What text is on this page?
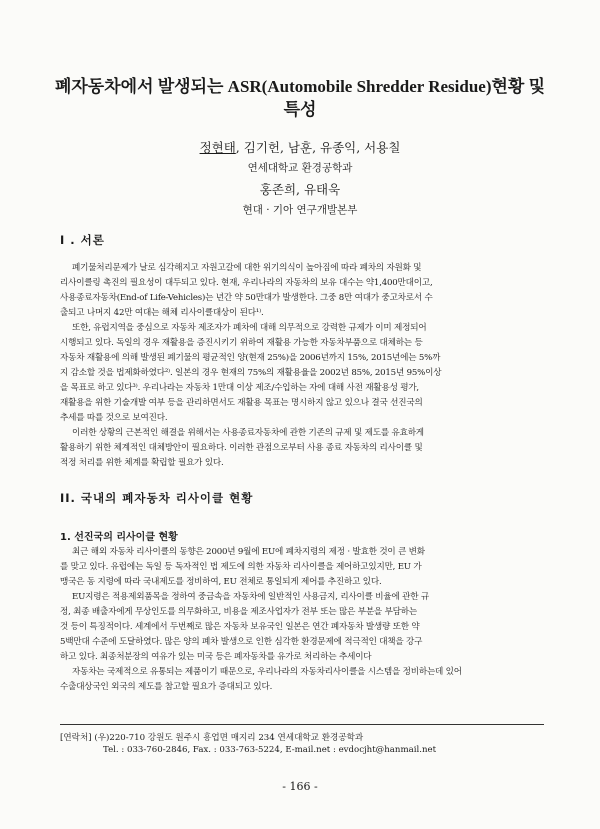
폐자동차에서 발생되는 ASR(Automobile Shredder Residue)현황 및
특성
정현태, 김기헌, 남훈, 유종익, 서용칠
연세대학교 환경공학과
홍존희, 유태욱
현대 · 기아 연구개발본부
I . 서론
폐기물처리문제가 날로 심각해지고 자원고갈에 대한 위기의식이 높아짐에 따라 폐차의 자원화 및
리사이클링 촉진의 필요성이 대두되고 있다. 현재, 우리나라의 자동차의 보유 대수는 약1,400만대이고,
사용종료자동차(End-of Life-Vehicles)는 년간 약 50만대가 발생한다. 그중 8만 여대가 중고차로서 수
출되고 나머지 42만 여대는 해체 리사이클대상이 된다¹⁾.
또한, 유럽지역을 중심으로 자동차 제조자가 폐차에 대해 의무적으로 강력한 규제가 이미 제정되어
시행되고 있다. 독일의 경우 재활용을 증진시키기 위하여 재활용 가능한 자동차부품으로 대체하는 등
자동차 재활용에 의해 발생된 폐기물의 평균적인 양(현재 25%)을 2006년까지 15%, 2015년에는 5%까
지 감소할 것을 법제화하였다²⁾. 일본의 경우 현재의 75%의 재활용율을 2002년 85%, 2015년 95%이상
을 목표로 하고 있다³⁾. 우리나라는 자동차 1만대 이상 제조/수입하는 자에 대해 사전 재활용성 평가,
재활용을 위한 기술개발 여부 등을 관리하면서도 재활용 목표는 명시하지 않고 있으나 결국 선진국의
추세를 따를 것으로 보여진다.
이러한 상황의 근본적인 해결을 위해서는 사용종료자동차에 관한 기존의 규제 및 제도를 유효하게
활용하기 위한 체계적인 대체방안이 필요하다. 이러한 관점으로부터 사용 종료 자동차의 리사이클 및
적정 처리를 위한 체계를 확립할 필요가 있다.
II. 국내의 폐자동차 리사이클 현황
1. 선진국의 리사이클 현황
최근 해외 자동차 리사이클의 동향은 2000년 9월에 EU에 폐차지령의 제정 · 발효한 것이 큰 변화
를 맞고 있다. 유럽에는 독일 등 독자적인 법 제도에 의한 자동차 리사이클을 제어하고있지만, EU 가
맹국은 동 지령에 따라 국내제도를 정비하여, EU 전체로 통일되게 제어를 추진하고 있다.
EU지령은 적용제외품목을 정하여 중금속을 자동차에 일반적인 사용금지, 리사이클 비율에 관한 규
정, 최종 배출자에게 무상인도를 의무화하고, 비용을 제조사업자가 전부 또는 많은 부분을 부담하는
것 등이 특징적이다. 세계에서 두번째로 많은 자동차 보유국인 일본은 연간 폐자동차 발생량 또한 약
5백만대 수준에 도달하였다. 많은 양의 폐차 발생으로 인한 심각한 환경문제에 적극적인 대책을 강구
하고 있다. 최종처분장의 여유가 있는 미국 등은 폐자동차를 유가로 처리하는 추세이다
자동차는 국제적으로 유통되는 제품이기 때문으로, 우리나라의 자동차리사이클을 시스템을 정비하는데 있어
수출대상국인 외국의 제도를 참고할 필요가 증대되고 있다.
[연락처] (우)220-710 강원도 원주시 흥업면 매지리 234 연세대학교 환경공학과
Tel. : 033-760-2846, Fax. : 033-763-5224, E-mail.net : evdocjht@hanmail.net
- 166 -
